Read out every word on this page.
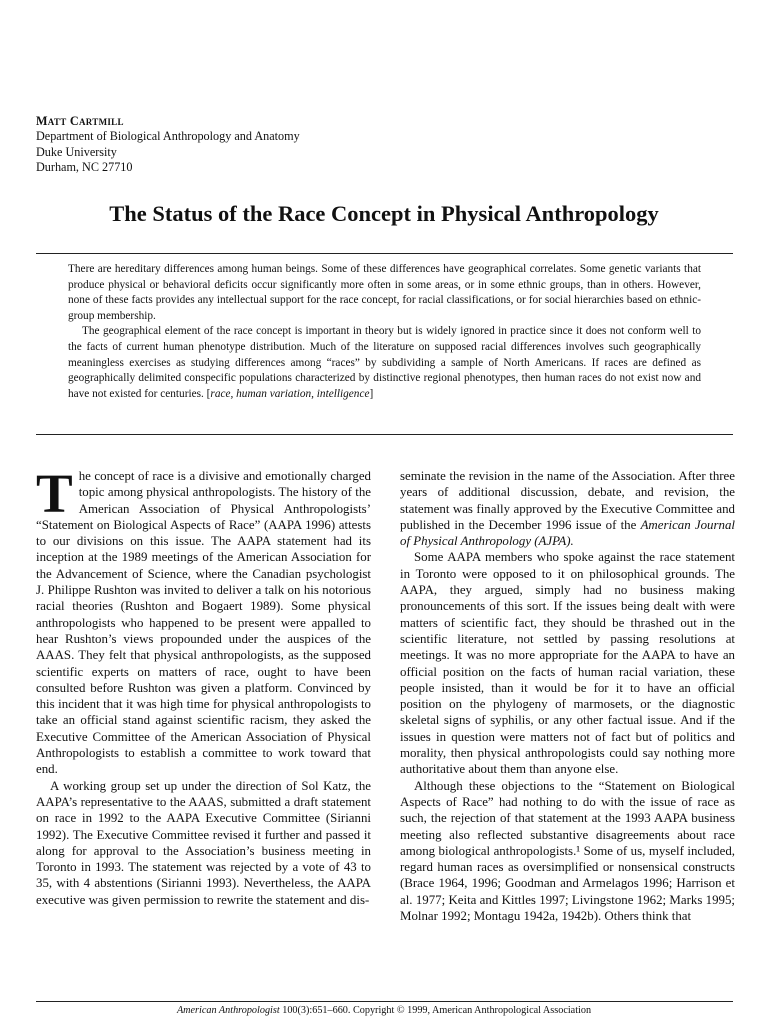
Matt Cartmill
Department of Biological Anthropology and Anatomy
Duke University
Durham, NC 27710
The Status of the Race Concept in Physical Anthropology

There are hereditary differences among human beings. Some of these differences have geographical correlates. Some genetic variants that produce physical or behavioral deficits occur significantly more often in some areas, or in some ethnic groups, than in others. However, none of these facts provides any intellectual support for the race concept, for racial classifications, or for social hierarchies based on ethnic-group membership.

The geographical element of the race concept is important in theory but is widely ignored in practice since it does not conform well to the facts of current human phenotype distribution. Much of the literature on supposed racial differences involves such geographically meaningless exercises as studying differences among “races” by subdividing a sample of North Americans. If races are defined as geographically delimited conspecific populations characterized by distinctive regional phenotypes, then human races do not exist now and have not existed for centuries. [race, human variation, intelligence]

The concept of race is a divisive and emotionally charged topic among physical anthropologists. The history of the American Association of Physical Anthropologists’ “Statement on Biological Aspects of Race” (AAPA 1996) attests to our divisions on this issue. The AAPA statement had its inception at the 1989 meetings of the American Association for the Advancement of Science, where the Canadian psychologist J. Philippe Rushton was invited to deliver a talk on his notorious racial theories (Rushton and Bogaert 1989). Some physical anthropologists who happened to be present were appalled to hear Rushton’s views propounded under the auspices of the AAAS. They felt that physical anthropologists, as the supposed scientific experts on matters of race, ought to have been consulted before Rushton was given a platform. Convinced by this incident that it was high time for physical anthropologists to take an official stand against scientific racism, they asked the Executive Committee of the American Association of Physical Anthropologists to establish a committee to work toward that end.

A working group set up under the direction of Sol Katz, the AAPA’s representative to the AAAS, submitted a draft statement on race in 1992 to the AAPA Executive Committee (Sirianni 1992). The Executive Committee revised it further and passed it along for approval to the Association’s business meeting in Toronto in 1993. The statement was rejected by a vote of 43 to 35, with 4 abstentions (Sirianni 1993). Nevertheless, the AAPA executive was given permission to rewrite the statement and dis-

seminate the revision in the name of the Association. After three years of additional discussion, debate, and revision, the statement was finally approved by the Executive Committee and published in the December 1996 issue of the American Journal of Physical Anthropology (AJPA).

Some AAPA members who spoke against the race statement in Toronto were opposed to it on philosophical grounds. The AAPA, they argued, simply had no business making pronouncements of this sort. If the issues being dealt with were matters of scientific fact, they should be thrashed out in the scientific literature, not settled by passing resolutions at meetings. It was no more appropriate for the AAPA to have an official position on the facts of human racial variation, these people insisted, than it would be for it to have an official position on the phylogeny of marmosets, or the diagnostic skeletal signs of syphilis, or any other factual issue. And if the issues in question were matters not of fact but of politics and morality, then physical anthropologists could say nothing more authoritative about them than anyone else.

Although these objections to the “Statement on Biological Aspects of Race” had nothing to do with the issue of race as such, the rejection of that statement at the 1993 AAPA business meeting also reflected substantive disagreements about race among biological anthropologists.¹ Some of us, myself included, regard human races as oversimplified or nonsensical constructs (Brace 1964, 1996; Goodman and Armelagos 1996; Harrison et al. 1977; Keita and Kittles 1997; Livingstone 1962; Marks 1995; Molnar 1992; Montagu 1942a, 1942b). Others think that

American Anthropologist 100(3):651–660. Copyright © 1999, American Anthropological Association
